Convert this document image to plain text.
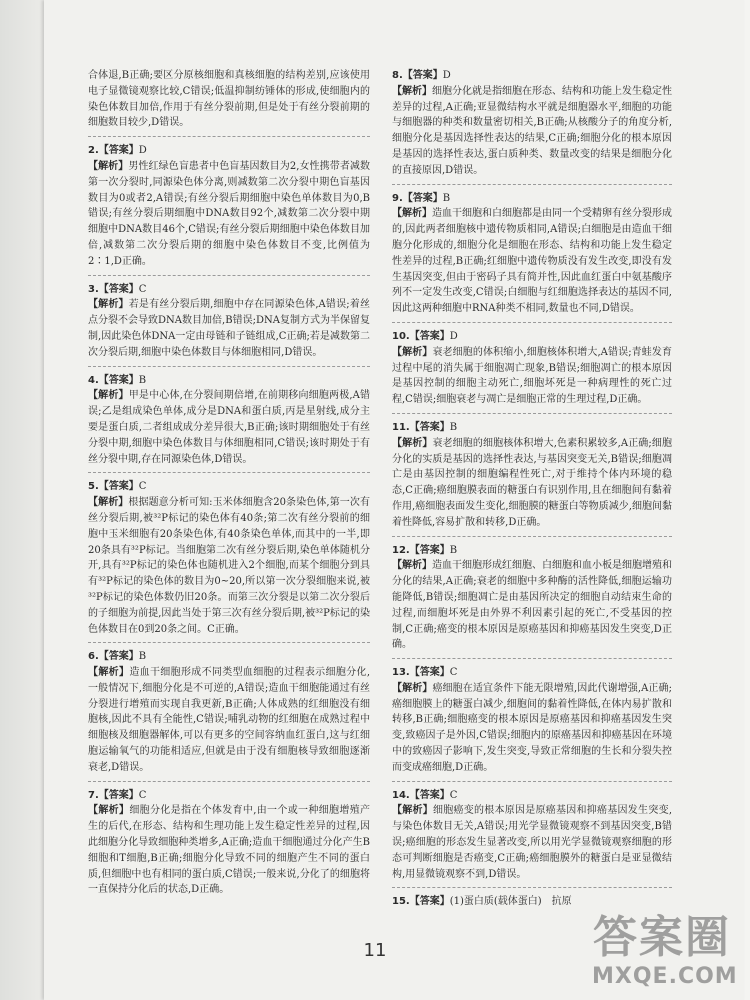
合体退,B正确;要区分原核细胞和真核细胞的结构差别,应该使用电子显微镜观察比较,C错误;低温抑制纺锤体的形成,使细胞内的染色体数目加倍,作用于有丝分裂前期,但是处于有丝分裂前期的细胞数目较少,D错误。

2.【答案】D

【解析】男性红绿色盲患者中色盲基因数目为2,女性携带者减数第一次分裂时,同源染色体分离,则减数第二次分裂中期色盲基因数目为0或者2,A错误;有丝分裂后期细胞中染色单体数目为0,B错误;有丝分裂后期细胞中DNA数目92个,减数第二次分裂中期细胞中DNA数目46个,C错误;有丝分裂后期细胞中染色体数目加倍,减数第二次分裂后期的细胞中染色体数目不变,比例值为2∶1,D正确。

3.【答案】C

【解析】若是有丝分裂后期,细胞中存在同源染色体,A错误;着丝点分裂不会导致DNA数目加倍,B错误;DNA复制方式为半保留复制,因此染色体DNA一定由母链和子链组成,C正确;若是减数第二次分裂后期,细胞中染色体数目与体细胞相同,D错误。

4.【答案】B

【解析】甲是中心体,在分裂间期倍增,在前期移向细胞两极,A错误;乙是组成染色单体,成分是DNA和蛋白质,丙是星射线,成分主要是蛋白质,二者组成成分差异很大,B正确;该时期细胞处于有丝分裂中期,细胞中染色体数目与体细胞相同,C错误;该时期处于有丝分裂中期,存在同源染色体,D错误。

5.【答案】C

【解析】根据题意分析可知:玉米体细胞含20条染色体,第一次有丝分裂后期,被³²P标记的染色体有40条;第二次有丝分裂前的细胞中玉米细胞有20条染色体,有40条染色单体,而其中的一半,即20条具有³²P标记。当细胞第二次有丝分裂后期,染色单体随机分开,具有³²P标记的染色体也随机进入2个细胞,而某个细胞分到具有³²P标记的染色体的数目为0~20,所以第一次分裂细胞来说,被³²P标记的染色体数仍旧20条。而第三次分裂是以第二次分裂后的子细胞为前提,因此当处于第三次有丝分裂后期,被³²P标记的染色体数目在0到20条之间。C正确。

6.【答案】B

【解析】造血干细胞形成不同类型血细胞的过程表示细胞分化,一般情况下,细胞分化是不可逆的,A错误;造血干细胞能通过有丝分裂进行增殖而实现自我更新,B正确;人体成熟的红细胞没有细胞核,因此不具有全能性,C错误;哺乳动物的红细胞在成熟过程中细胞核及细胞器解体,可以有更多的空间容纳血红蛋白,这与红细胞运输氧气的功能相适应,但就是由于没有细胞核导致细胞逐渐衰老,D错误。

7.【答案】C

【解析】细胞分化是指在个体发育中,由一个或一种细胞增殖产生的后代,在形态、结构和生理功能上发生稳定性差异的过程,因此细胞分化导致细胞种类增多,A正确;造血干细胞通过分化产生B细胞和T细胞,B正确;细胞分化导致不同的细胞产生不同的蛋白质,但细胞中也有相同的蛋白质,C错误;一般来说,分化了的细胞将一直保持分化后的状态,D正确。

8.【答案】D

【解析】细胞分化就是指细胞在形态、结构和功能上发生稳定性差异的过程,A正确;亚显微结构水平就是细胞器水平,细胞的功能与细胞器的种类和数量密切相关,B正确;从核酸分子的角度分析,细胞分化是基因选择性表达的结果,C正确;细胞分化的根本原因是基因的选择性表达,蛋白质种类、数量改变的结果是细胞分化的直接原因,D错误。

9.【答案】B

【解析】造血干细胞和白细胞都是由同一个受精卵有丝分裂形成的,因此两者细胞核中遗传物质相同,A错误;白细胞是由造血干细胞分化形成的,细胞分化是细胞在形态、结构和功能上发生稳定性差异的过程,B正确;红细胞中遗传物质没有发生改变,即没有发生基因突变,但由于密码子具有简并性,因此血红蛋白中氨基酸序列不一定发生改变,C错误;白细胞与红细胞选择表达的基因不同,因此这两种细胞中RNA种类不相同,数量也不同,D错误。

10.【答案】D

【解析】衰老细胞的体积缩小,细胞核体积增大,A错误;青蛙发育过程中尾的消失属于细胞凋亡现象,B错误;细胞凋亡的根本原因是基因控制的细胞主动死亡,细胞坏死是一种病理性的死亡过程,C错误;细胞衰老与凋亡是细胞正常的生理过程,D正确。

11.【答案】B

【解析】衰老细胞的细胞核体积增大,色素积累较多,A正确;细胞分化的实质是基因的选择性表达,与基因突变无关,B错误;细胞凋亡是由基因控制的细胞编程性死亡,对于维持个体内环境的稳态,C正确;癌细胞膜表面的糖蛋白有识别作用,且在细胞间有黏着作用,癌细胞表面发生变化,细胞膜的糖蛋白等物质减少,细胞间黏着性降低,容易扩散和转移,D正确。

12.【答案】B

【解析】造血干细胞形成红细胞、白细胞和血小板是细胞增殖和分化的结果,A正确;衰老的细胞中多种酶的活性降低,细胞运输功能降低,B错误;细胞凋亡是由基因所决定的细胞自动结束生命的过程,而细胞坏死是由外界不利因素引起的死亡,不受基因的控制,C正确;癌变的根本原因是原癌基因和抑癌基因发生突变,D正确。

13.【答案】C

【解析】癌细胞在适宜条件下能无限增殖,因此代谢增强,A正确;癌细胞膜上的糖蛋白减少,细胞间的黏着性降低,在体内易扩散和转移,B正确;细胞癌变的根本原因是原癌基因和抑癌基因发生突变,致癌因子是外因,C错误;细胞内的原癌基因和抑癌基因在环境中的致癌因子影响下,发生突变,导致正常细胞的生长和分裂失控而变成癌细胞,D正确。

14.【答案】C

【解析】细胞癌变的根本原因是原癌基因和抑癌基因发生突变,与染色体数目无关,A错误;用光学显微镜观察不到基因突变,B错误;癌细胞的形态发生显著改变,所以用光学显微镜观察细胞的形态可判断细胞是否癌变,C正确;癌细胞膜外的糖蛋白是亚显微结构,用显微镜观察不到,D错误。

15.【答案】(1)蛋白质(载体蛋白)　抗原

11	答案圈
MXQE.COM
